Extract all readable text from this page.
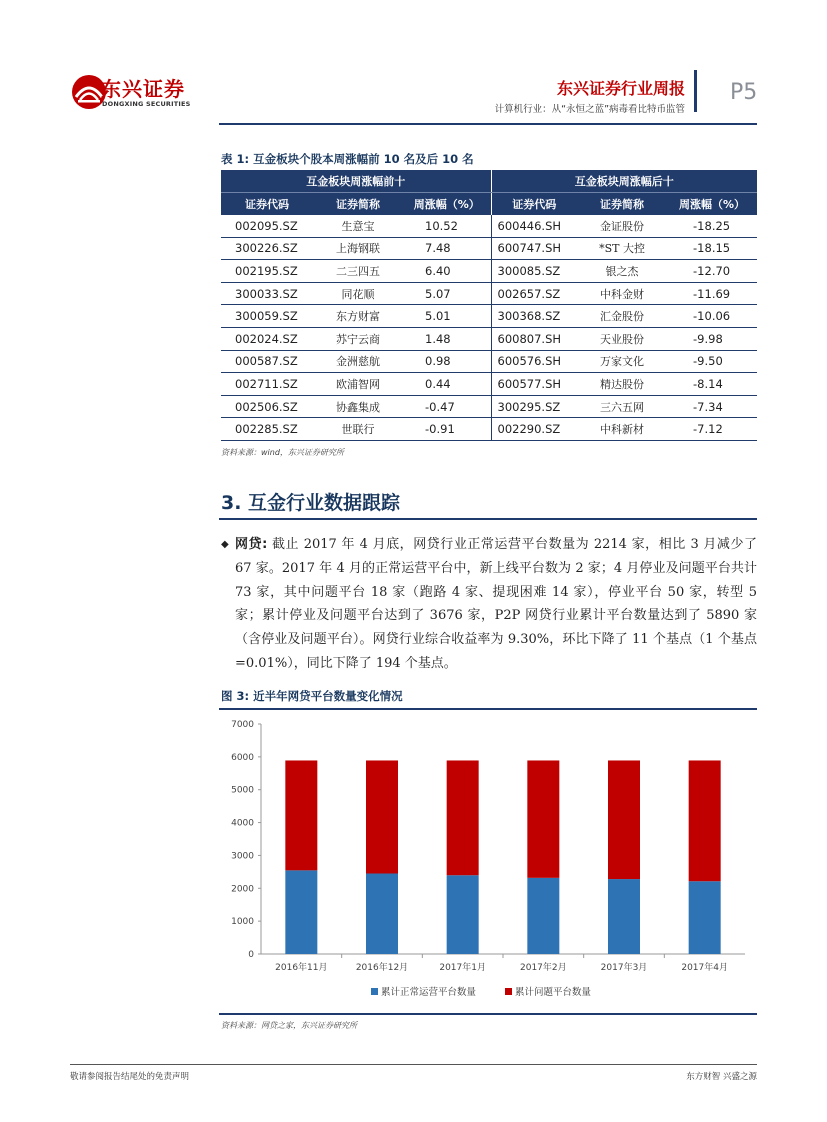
东兴证券
DONGXING SECURITIES
东兴证券行业周报
计算机行业：从“永恒之蓝”病毒看比特币监管
P5
表 1: 互金板块个股本周涨幅前 10 名及后 10 名
互金板块周涨幅前十			互金板块周涨幅后十		
证券代码	证券简称	周涨幅（%）	证券代码	证券简称	周涨幅（%）
002095.SZ	生意宝	10.52	600446.SH	金证股份	-18.25
300226.SZ	上海钢联	7.48	600747.SH	*ST 大控	-18.15
002195.SZ	二三四五	6.40	300085.SZ	银之杰	-12.70
300033.SZ	同花顺	5.07	002657.SZ	中科金财	-11.69
300059.SZ	东方财富	5.01	300368.SZ	汇金股份	-10.06
002024.SZ	苏宁云商	1.48	600807.SH	天业股份	-9.98
000587.SZ	金洲慈航	0.98	600576.SH	万家文化	-9.50
002711.SZ	欧浦智网	0.44	600577.SH	精达股份	-8.14
002506.SZ	协鑫集成	-0.47	300295.SZ	三六五网	-7.34
002285.SZ	世联行	-0.91	002290.SZ	中科新材	-7.12
资料来源：wind，东兴证券研究所
3. 互金行业数据跟踪
◆ 网贷: 截止 2017 年 4 月底，网贷行业正常运营平台数量为 2214 家，相比 3 月减少了 67 家。2017 年 4 月的正常运营平台中，新上线平台数为 2 家；4 月停业及问题平台共计 73 家，其中问题平台 18 家（跑路 4 家、提现困难 14 家），停业平台 50 家，转型 5 家；累计停业及问题平台达到了 3676 家，P2P 网贷行业累计平台数量达到了 5890 家（含停业及问题平台）。网贷行业综合收益率为 9.30%，环比下降了 11 个基点（1 个基点=0.01%），同比下降了 194 个基点。
图 3: 近半年网贷平台数量变化情况
0
1000
2000
3000
4000
5000
6000
7000
2016年11月	2016年12月	2017年1月	2017年2月	2017年3月	2017年4月
累计正常运营平台数量	累计问题平台数量
资料来源：网贷之家，东兴证券研究所
敬请参阅报告结尾处的免责声明	东方财智 兴盛之源
